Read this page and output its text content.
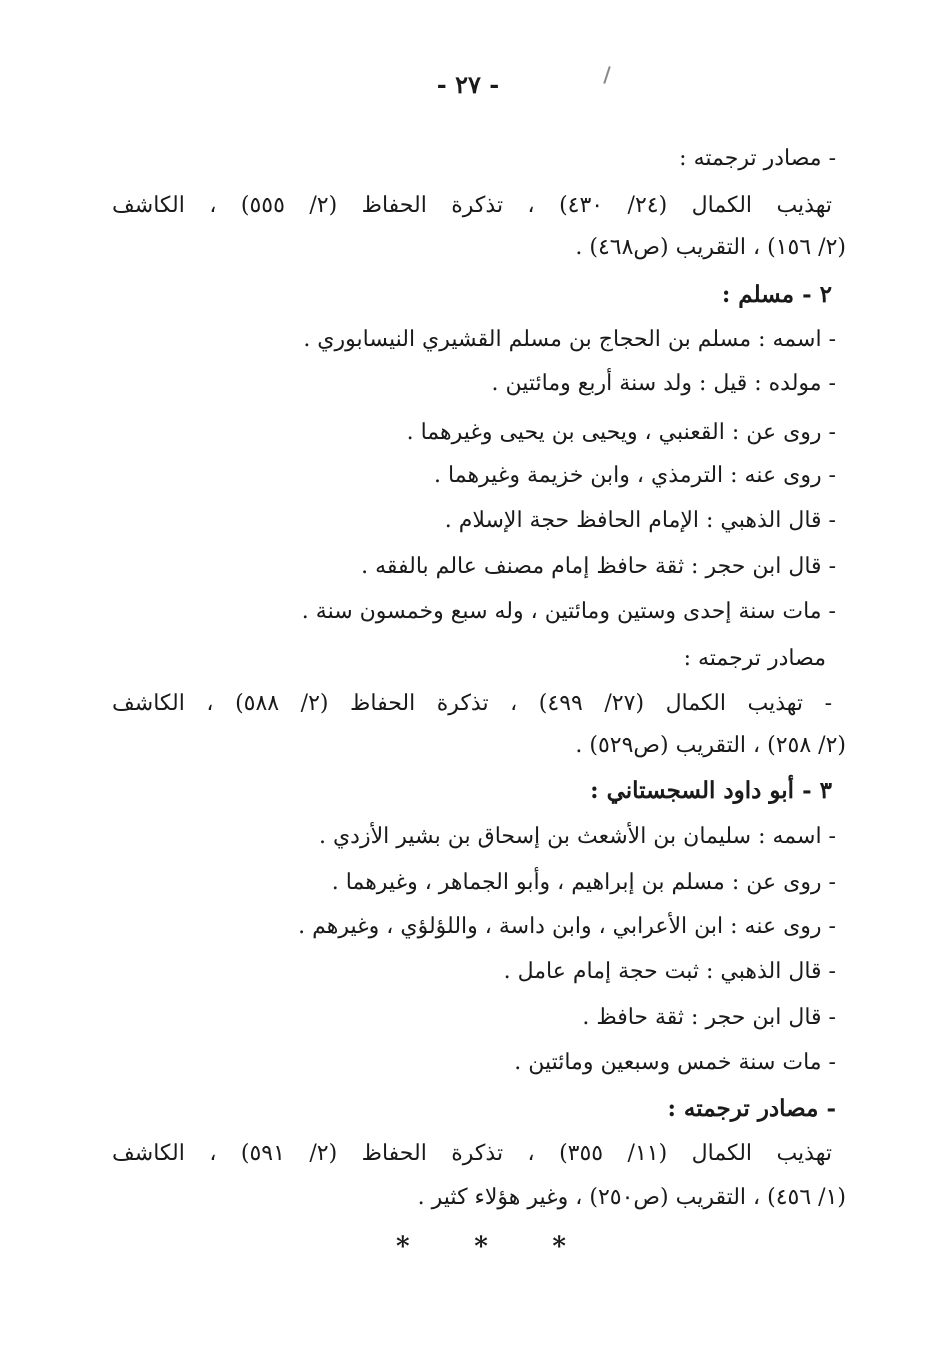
- ٢٧ -
- مصادر ترجمته :
تهذيب الكمال (٢٤/ ٤٣٠) ، تذكرة الحفاظ (٢/ ٥٥٥) ، الكاشف
(٢/ ١٥٦) ، التقريب (ص٤٦٨) .
٢ - مسلم :
- اسمه : مسلم بن الحجاج بن مسلم القشيري النيسابوري .
- مولده : قيل : ولد سنة أربع ومائتين .
- روى عن : القعنبي ، ويحيى بن يحيى وغيرهما .
- روى عنه : الترمذي ، وابن خزيمة وغيرهما .
- قال الذهبي : الإمام الحافظ حجة الإسلام .
- قال ابن حجر : ثقة حافظ إمام مصنف عالم بالفقه .
- مات سنة إحدى وستين ومائتين ، وله سبع وخمسون سنة .
مصادر ترجمته :
- تهذيب الكمال (٢٧/ ٤٩٩) ، تذكرة الحفاظ (٢/ ٥٨٨) ، الكاشف
(٢/ ٢٥٨) ، التقريب (ص٥٢٩) .
٣ - أبو داود السجستاني :
- اسمه : سليمان بن الأشعث بن إسحاق بن بشير الأزدي .
- روى عن : مسلم بن إبراهيم ، وأبو الجماهر ، وغيرهما .
- روى عنه : ابن الأعرابي ، وابن داسة ، واللؤلؤي ، وغيرهم .
- قال الذهبي : ثبت حجة إمام عامل .
- قال ابن حجر : ثقة حافظ .
- مات سنة خمس وسبعين ومائتين .
- مصادر ترجمته :
تهذيب الكمال (١١/ ٣٥٥) ، تذكرة الحفاظ (٢/ ٥٩١) ، الكاشف
(١/ ٤٥٦) ، التقريب (ص٢٥٠) ، وغير هؤلاء كثير .
* * *
